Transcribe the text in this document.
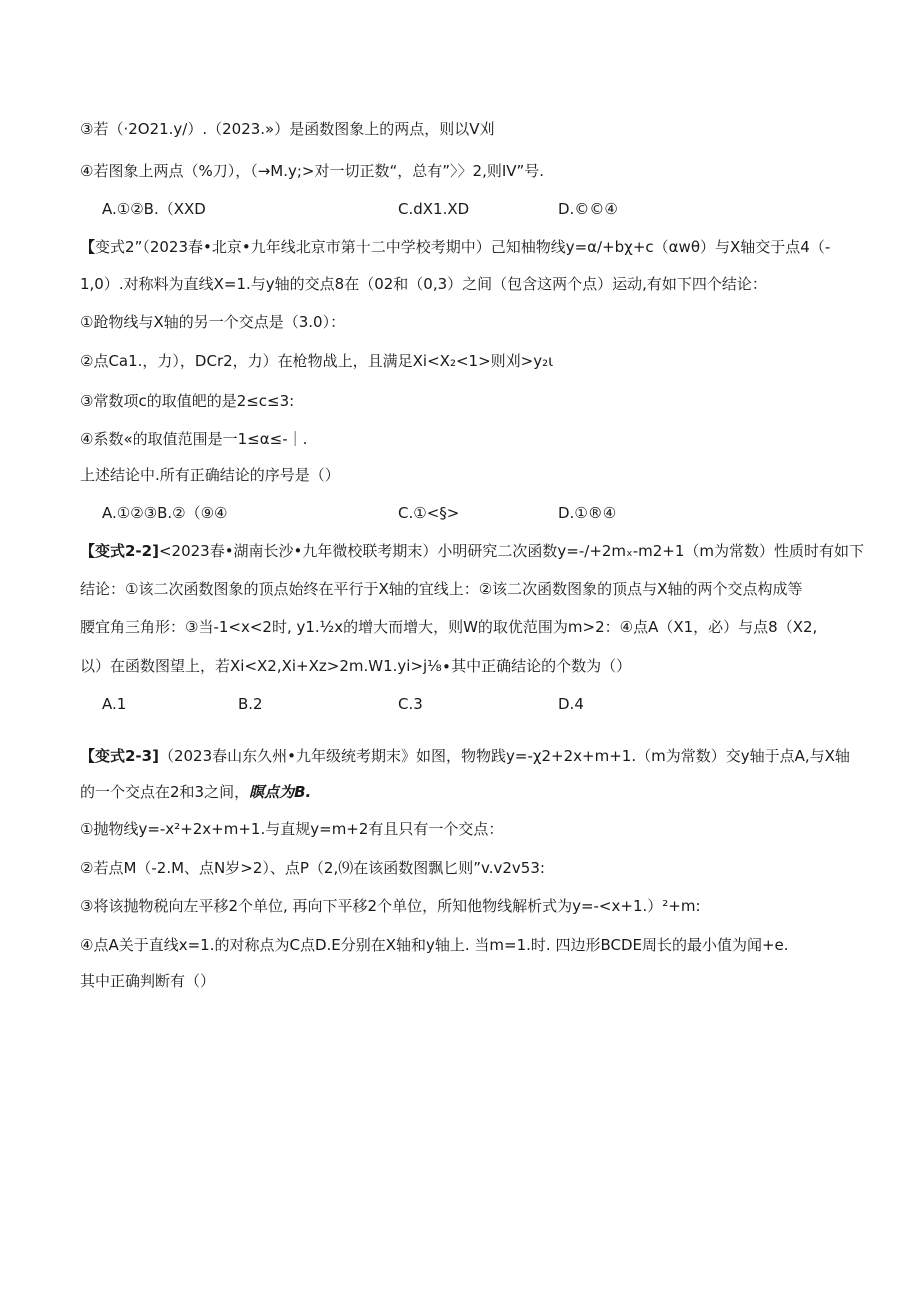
③若（·2O21.y∕）.（2023.»）是函数图象上的两点，则以V刈
④若图象上两点（%刀），（→M.y;>对一切正数“，总有”〉〉2,则IV”号.
A.①②B.（XXD	C.dX1.XD	D.©©④
【变式2”（2023春•北京•九年线北京市第十二中学校考期中）己知柚物线y=α∕+bχ+c（αwθ）与X轴交于点4（-
1,0）.对称料为直线X=1.与y轴的交点8在（02和（0,3）之间（包含这两个点）运动,有如下四个结论：
①跄物线与X轴的另一个交点是（3.0）：
②点Ca1.，力），DCr2，力）在枪物战上，且满足Xi<X₂<1>则刈>y₂ι
③常数项c的取值皅的是2≤c≤3:
④系数«的取值范围是一1≤α≤-｜.
上述结论中.所有正确结论的序号是（）
A.①②③B.②（⑨④	C.①<§>	D.①®④
【变式2-2]<2023春•湖南长沙•九年微校联考期末）小明研究二次函数y=-∕+2mₓ-m2+1（m为常数）性质时有如下
结论：①该二次函数图象的顶点始终在平行于X轴的宜线上：②该二次函数图象的顶点与X轴的两个交点构成等
腰宜角三角形：③当-1<x<2时, y1.½x的增大而增大，则W的取优范围为m>2：④点A（X1，必）与点8（X2,
以）在函数图望上，若Xi<X2,Xi+Xz>2m.W1.yi>j⅛∙其中正确结论的个数为（）
A.1	B.2	C.3	D.4
【变式2-3]（2023春山东久州•九年级统考期末》如图，物物践y=-χ2+2x+m+1.（m为常数）交y轴于点A,与X轴
的一个交点在2和3之间，瞑点为B.
①抛物线y=-x²+2x+m+1.与直规y=m+2有且只有一个交点：
②若点M（-2.M、点N岁>2）、点P（2,⑼在该函数图飘匕则”v.v2v53:
③将该抛物税向左平移2个单位, 再向下平移2个单位，所知他物线解析式为y=-<x+1.）²+m:
④点A关于直线x=1.的对称点为C点D.E分别在X轴和y轴上. 当m=1.时. 四边形BCDE周长的最小值为闻+e.
其中正确判断有（）
